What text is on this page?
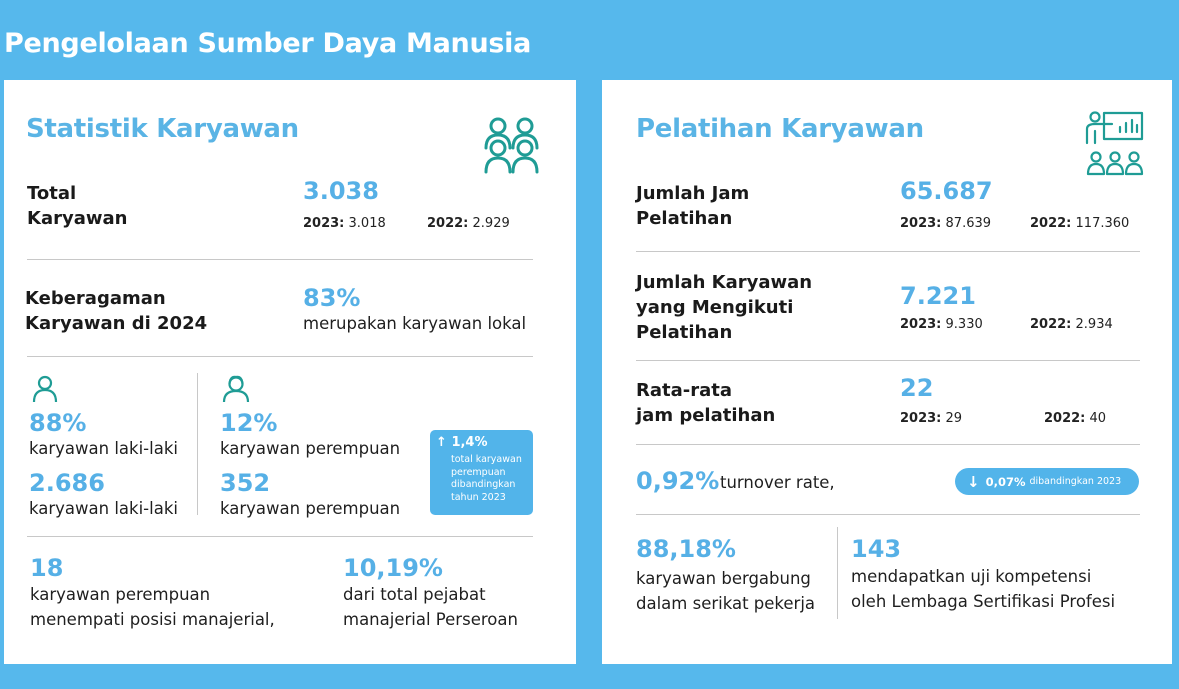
Pengelolaan Sumber Daya Manusia
Statistik Karyawan
Total
Karyawan
3.038
2023: 3.018	2022: 2.929
Keberagaman
Karyawan di 2024
83%
merupakan karyawan lokal
88%
karyawan laki-laki
2.686
karyawan laki-laki
12%
karyawan perempuan
352
karyawan perempuan
↑ 1,4%
total karyawan
perempuan
dibandingkan
tahun 2023
18
karyawan perempuan
menempati posisi manajerial,
10,19%
dari total pejabat
manajerial Perseroan
Pelatihan Karyawan
Jumlah Jam
Pelatihan
65.687
2023: 87.639	2022: 117.360
Jumlah Karyawan
yang Mengikuti
Pelatihan
7.221
2023: 9.330	2022: 2.934
Rata-rata
jam pelatihan
22
2023: 29	2022: 40
0,92% turnover rate,	↓ 0,07% dibandingkan 2023
88,18%
karyawan bergabung
dalam serikat pekerja
143
mendapatkan uji kompetensi
oleh Lembaga Sertifikasi Profesi
